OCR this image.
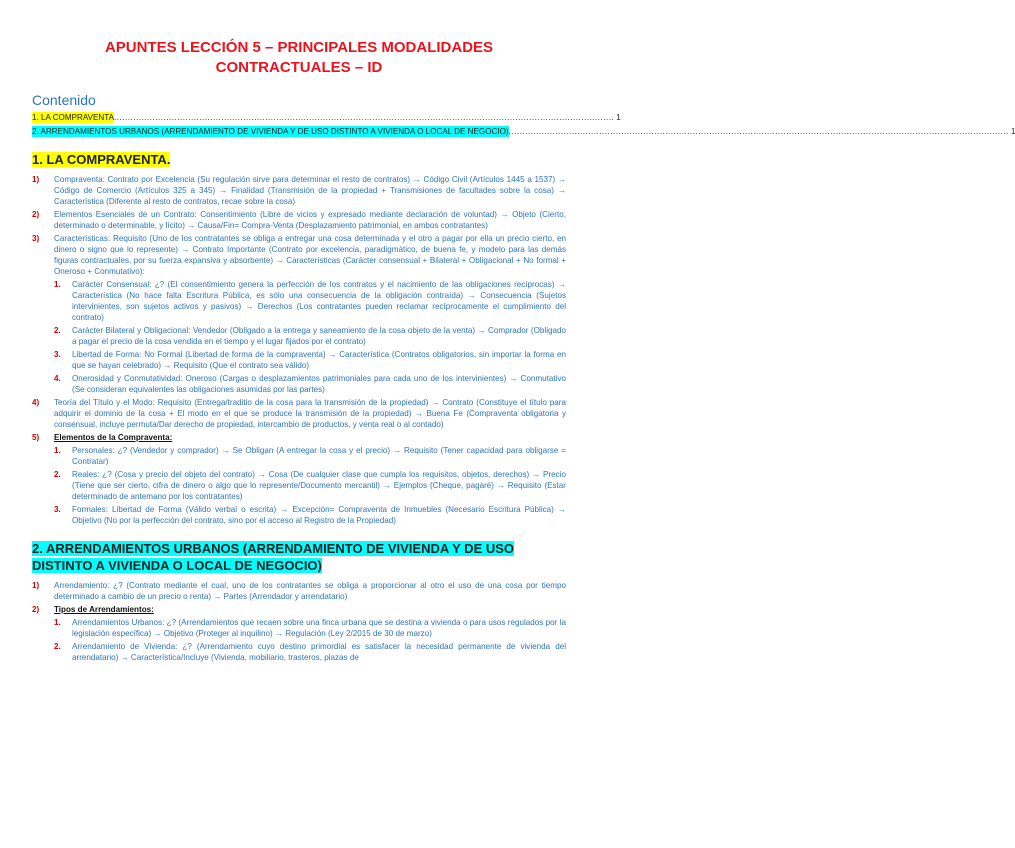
APUNTES LECCIÓN 5 – PRINCIPALES MODALIDADES CONTRACTUALES – ID
Contenido
1. LA COMPRAVENTA ...................................................................................................................................................................................... 1
2. ARRENDAMIENTOS URBANOS (ARRENDAMIENTO DE VIVIENDA Y DE USO DISTINTO A VIVIENDA O LOCAL DE NEGOCIO) ...................................................................................................................................................................................... 1
1. LA COMPRAVENTA.
1)	Compraventa: Contrato por Excelencia (Su regulación sirve para determinar el resto de contratos) → Código Civil (Artículos 1445 a 1537) → Código de Comercio (Artículos 325 a 345) → Finalidad (Transmisión de la propiedad + Transmisiones de facultades sobre la cosa) → Característica (Diferente al resto de contratos, recae sobre la cosa)
2)	Elementos Esenciales de un Contrato: Consentimiento (Libre de vicios y expresado mediante declaración de voluntad) → Objeto (Cierto, determinado o determinable, y lícito) → Causa/Fin= Compra-Venta (Desplazamiento patrimonial, en ambos contratantes)
3)	Características: Requisito (Uno de los contratantes se obliga a entregar una cosa determinada y el otro a pagar por ella un precio cierto, en dinero o signo que lo represente) → Contrato Importante (Contrato por excelencia, paradigmático, de buena fe, y modelo para las demás figuras contractuales, por su fuerza expansiva y absorbente) → Características (Carácter consensual + Bilateral + Obligacional + No formal + Oneroso + Conmutativo):
1.	Carácter Consensual: ¿? (El consentimiento genera la perfección de los contratos y el nacimiento de las obligaciones recíprocas) → Característica (No hace falta Escritura Pública, es sólo una consecuencia de la obligación contraída) → Consecuencia (Sujetos intervinientes, son sujetos activos y pasivos) → Derechos (Los contratantes pueden reclamar recíprocamente el cumplimiento del contrato)
2.	Carácter Bilateral y Obligacional: Vendedor (Obligado a la entrega y saneamiento de la cosa objeto de la venta) → Comprador (Obligado a pagar el precio de la cosa vendida en el tiempo y el lugar fijados por el contrato)
3.	Libertad de Forma: No Formal (Libertad de forma de la compraventa) → Característica (Contratos obligatorios, sin importar la forma en que se hayan celebrado) → Requisito (Que el contrato sea válido)
4.	Onerosidad y Conmutatividad: Oneroso (Cargas o desplazamientos patrimoniales para cada uno de los intervinientes) → Conmutativo (Se consideran equivalentes las obligaciones asumidas por las partes)
4)	Teoría del Título y el Modo: Requisito (Entrega/traditio de la cosa para la transmisión de la propiedad) → Contrato (Constituye el título para adquirir el dominio de la cosa + El modo en el que se produce la transmisión de la propiedad) → Buena Fe (Compraventa obligatoria y consensual, incluye permuta/Dar derecho de propiedad, intercambio de productos, y venta real o al contado)
5)	Elementos de la Compraventa:
1.	Personales: ¿? (Vendedor y comprador) → Se Obligan (A entregar la cosa y el precio) → Requisito (Tener capacidad para obligarse = Contratar)
2.	Reales: ¿? (Cosa y precio del objeto del contrato) → Cosa (De cualquier clase que cumpla los requisitos, objetos, derechos) → Precio (Tiene que ser cierto, cifra de dinero o algo que lo represente/Documento mercantil) → Ejemplos (Cheque, pagaré) → Requisito (Estar determinado de antemano por los contratantes)
3.	Formales: Libertad de Forma (Válido verbal o escrita) → Excepción= Compraventa de Inmuebles (Necesario Escritura Pública) → Objetivo (No por la perfección del contrato, sino por el acceso al Registro de la Propiedad)
2. ARRENDAMIENTOS URBANOS (ARRENDAMIENTO DE VIVIENDA Y DE USO DISTINTO A VIVIENDA O LOCAL DE NEGOCIO)
1)	Arrendamiento: ¿? (Contrato mediante el cual, uno de los contratantes se obliga a proporcionar al otro el uso de una cosa por tiempo determinado a cambio de un precio o renta) → Partes (Arrendador y arrendatario)
2)	Tipos de Arrendamientos:
1.	Arrendamientos Urbanos: ¿? (Arrendamientos que recaen sobre una finca urbana que se destina a vivienda o para usos regulados por la legislación específica) → Objetivo (Proteger al inquilino) → Regulación (Ley 2/2015 de 30 de marzo)
2.	Arrendamiento de Vivienda: ¿? (Arrendamiento cuyo destino primordial es satisfacer la necesidad permanente de vivienda del arrendatario) → Característica/Incluye (Vivienda, mobiliario, trasteros, plazas de
